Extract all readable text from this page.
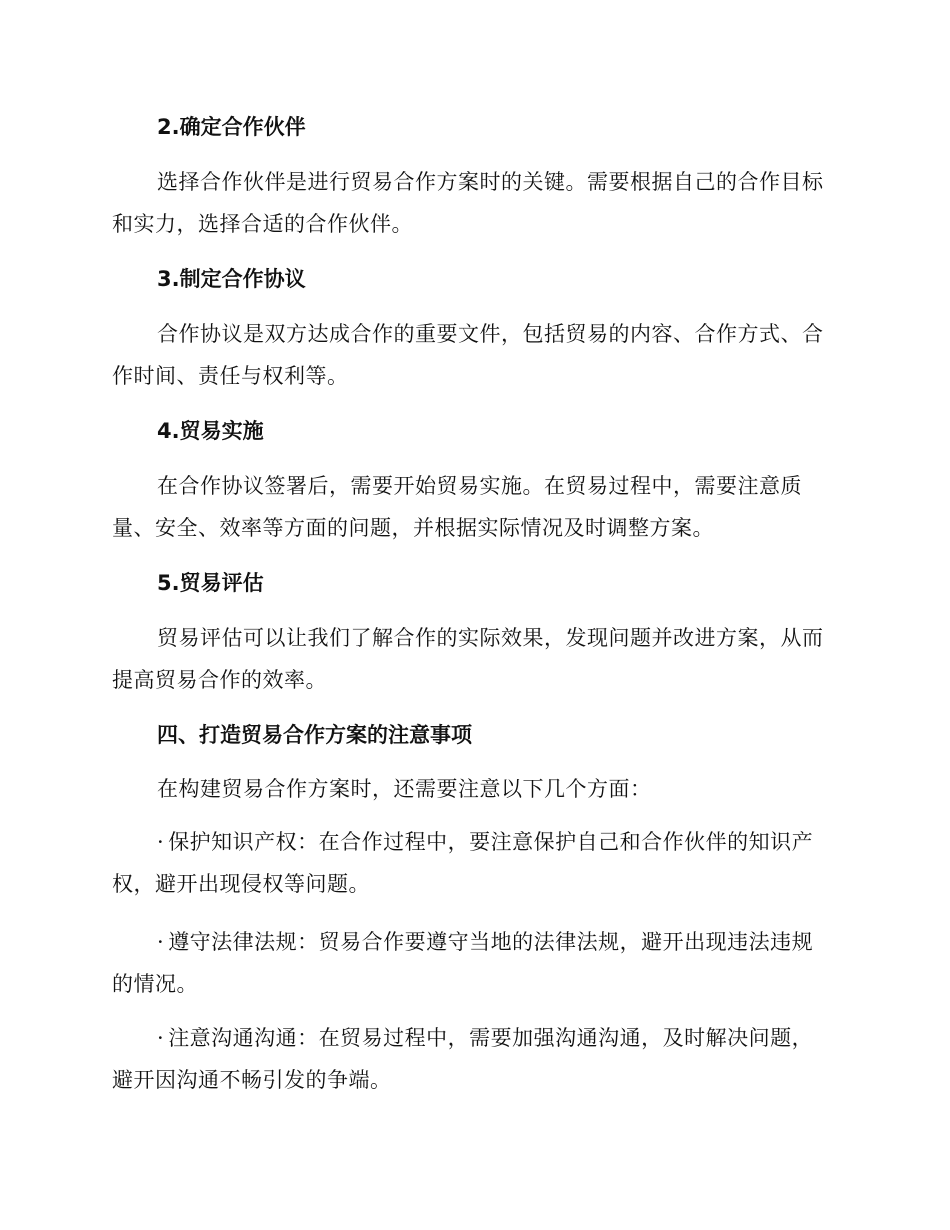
2.确定合作伙伴
选择合作伙伴是进行贸易合作方案时的关键。需要根据自己的合作目标和实力，选择合适的合作伙伴。
3.制定合作协议
合作协议是双方达成合作的重要文件，包括贸易的内容、合作方式、合作时间、责任与权利等。
4.贸易实施
在合作协议签署后，需要开始贸易实施。在贸易过程中，需要注意质量、安全、效率等方面的问题，并根据实际情况及时调整方案。
5.贸易评估
贸易评估可以让我们了解合作的实际效果，发现问题并改进方案，从而提高贸易合作的效率。
四、打造贸易合作方案的注意事项
在构建贸易合作方案时，还需要注意以下几个方面：
· 保护知识产权：在合作过程中，要注意保护自己和合作伙伴的知识产权，避开出现侵权等问题。
· 遵守法律法规：贸易合作要遵守当地的法律法规，避开出现违法违规的情况。
· 注意沟通沟通：在贸易过程中，需要加强沟通沟通，及时解决问题，避开因沟通不畅引发的争端。
